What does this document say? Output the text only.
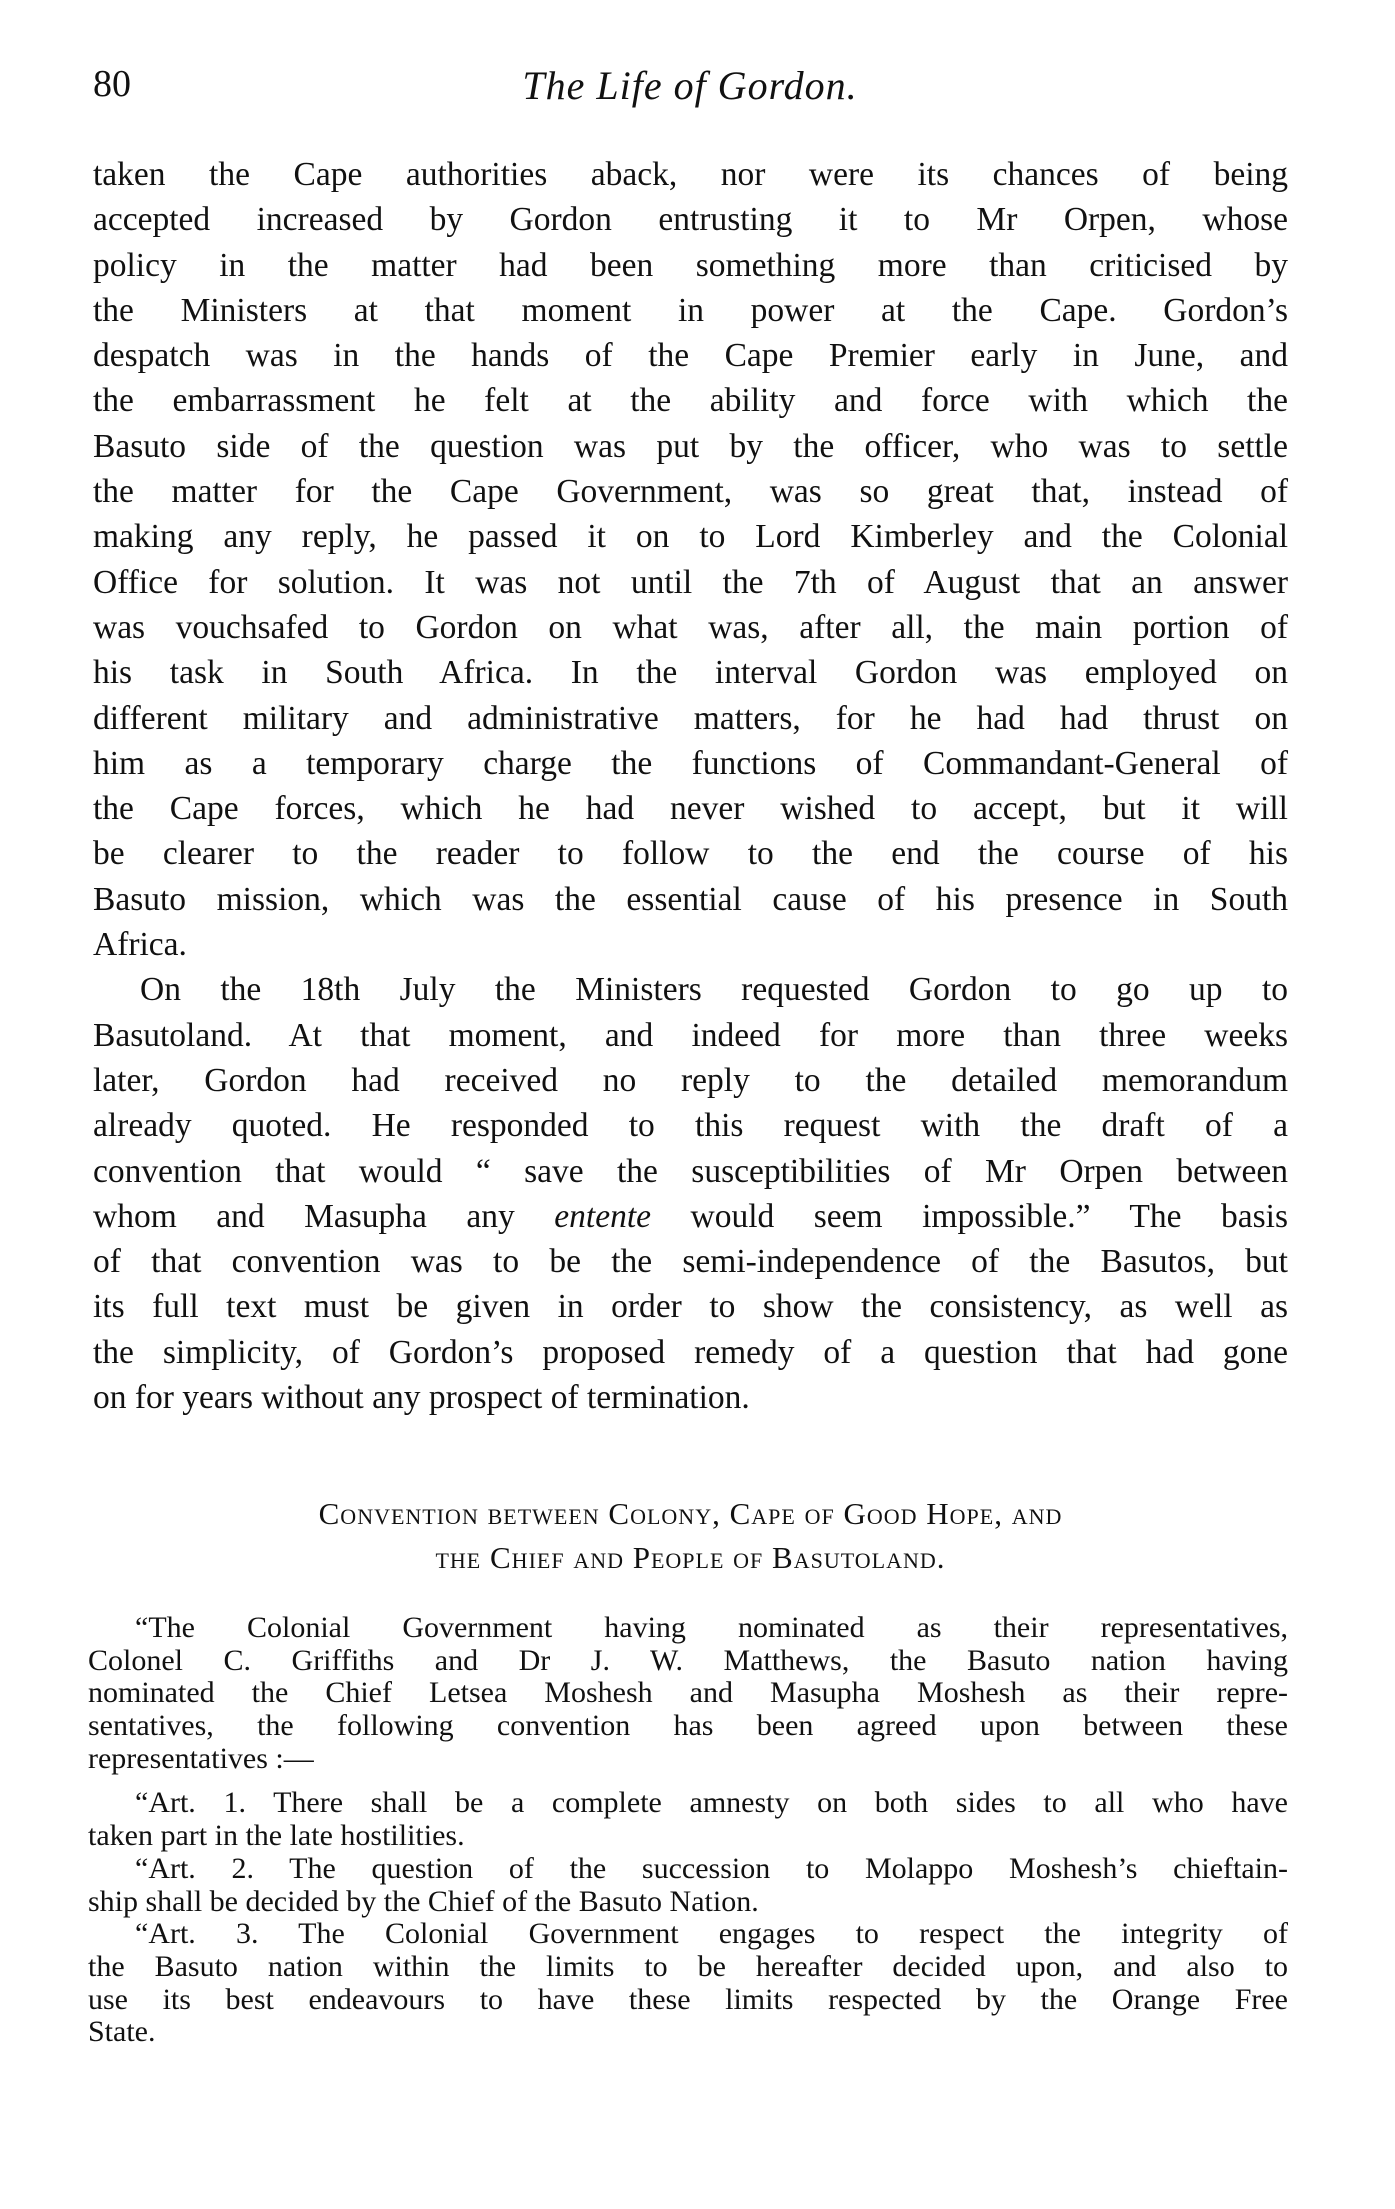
80	The Life of Gordon.
taken the Cape authorities aback, nor were its chances of being
accepted increased by Gordon entrusting it to Mr Orpen, whose
policy in the matter had been something more than criticised by
the Ministers at that moment in power at the Cape. Gordon’s
despatch was in the hands of the Cape Premier early in June, and
the embarrassment he felt at the ability and force with which the
Basuto side of the question was put by the officer, who was to settle
the matter for the Cape Government, was so great that, instead of
making any reply, he passed it on to Lord Kimberley and the Colonial
Office for solution. It was not until the 7th of August that an answer
was vouchsafed to Gordon on what was, after all, the main portion of
his task in South Africa. In the interval Gordon was employed on
different military and administrative matters, for he had had thrust on
him as a temporary charge the functions of Commandant-General of
the Cape forces, which he had never wished to accept, but it will
be clearer to the reader to follow to the end the course of his
Basuto mission, which was the essential cause of his presence in South
Africa.
On the 18th July the Ministers requested Gordon to go up to
Basutoland. At that moment, and indeed for more than three weeks
later, Gordon had received no reply to the detailed memorandum
already quoted. He responded to this request with the draft of a
convention that would “ save the susceptibilities of Mr Orpen between
whom and Masupha any entente would seem impossible.” The basis
of that convention was to be the semi-independence of the Basutos, but
its full text must be given in order to show the consistency, as well as
the simplicity, of Gordon’s proposed remedy of a question that had gone
on for years without any prospect of termination.
Convention between Colony, Cape of Good Hope, and
the Chief and People of Basutoland.
“The Colonial Government having nominated as their representatives,
Colonel C. Griffiths and Dr J. W. Matthews, the Basuto nation having
nominated the Chief Letsea Moshesh and Masupha Moshesh as their repre-
sentatives, the following convention has been agreed upon between these
representatives :—
“Art. 1. There shall be a complete amnesty on both sides to all who have
taken part in the late hostilities.
“Art. 2. The question of the succession to Molappo Moshesh’s chieftain-
ship shall be decided by the Chief of the Basuto Nation.
“Art. 3. The Colonial Government engages to respect the integrity of
the Basuto nation within the limits to be hereafter decided upon, and also to
use its best endeavours to have these limits respected by the Orange Free
State.
